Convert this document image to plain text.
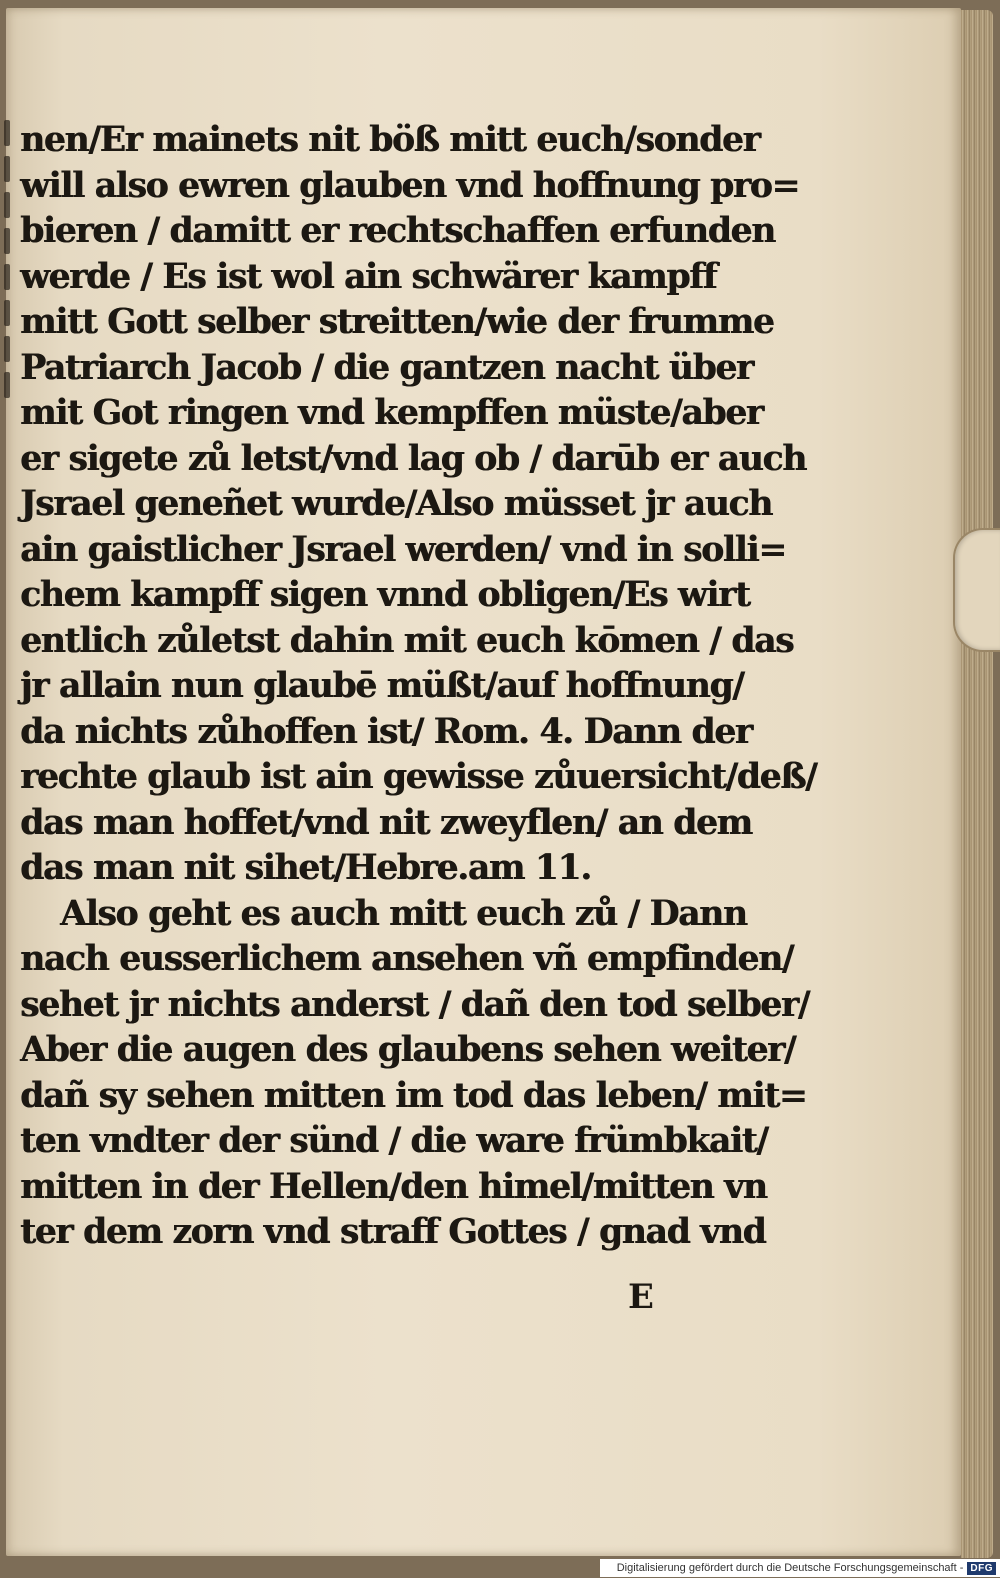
nen/Er mainets nit böß mitt euch/sonder
will also ewren glauben vnd hoffnung pro=
bieren / damitt er rechtschaffen erfunden
werde / Es ist wol ain schwärer kampff
mitt Gott selber streitten/wie der frumme
Patriarch Jacob / die gantzen nacht über
mit Got ringen vnd kempffen müste/aber
er sigete zů letst/vnd lag ob / darūb er auch
Jsrael geneñet wurde/Also müsset jr auch
ain gaistlicher Jsrael werden/ vnd in solli=
chem kampff sigen vnnd obligen/Es wirt
entlich zůletst dahin mit euch kōmen / das
jr allain nun glaubē müßt/auf hoffnung/
da nichts zůhoffen ist/ Rom. 4. Dann der
rechte glaub ist ain gewisse zůuersicht/deß/
das man hoffet/vnd nit zweyflen/ an dem
das man nit sihet/Hebre.am 11.
Also geht es auch mitt euch zů / Dann
nach eusserlichem ansehen vñ empfinden/
sehet jr nichts anderst / dañ den tod selber/
Aber die augen des glaubens sehen weiter/
dañ sy sehen mitten im tod das leben/ mit=
ten vndter der sünd / die ware frümbkait/
mitten in der Hellen/den himel/mitten vn
ter dem zorn vnd straff Gottes / gnad vnd
E
Digitalisierung gefördert durch die Deutsche Forschungsgemeinschaft - DFG
